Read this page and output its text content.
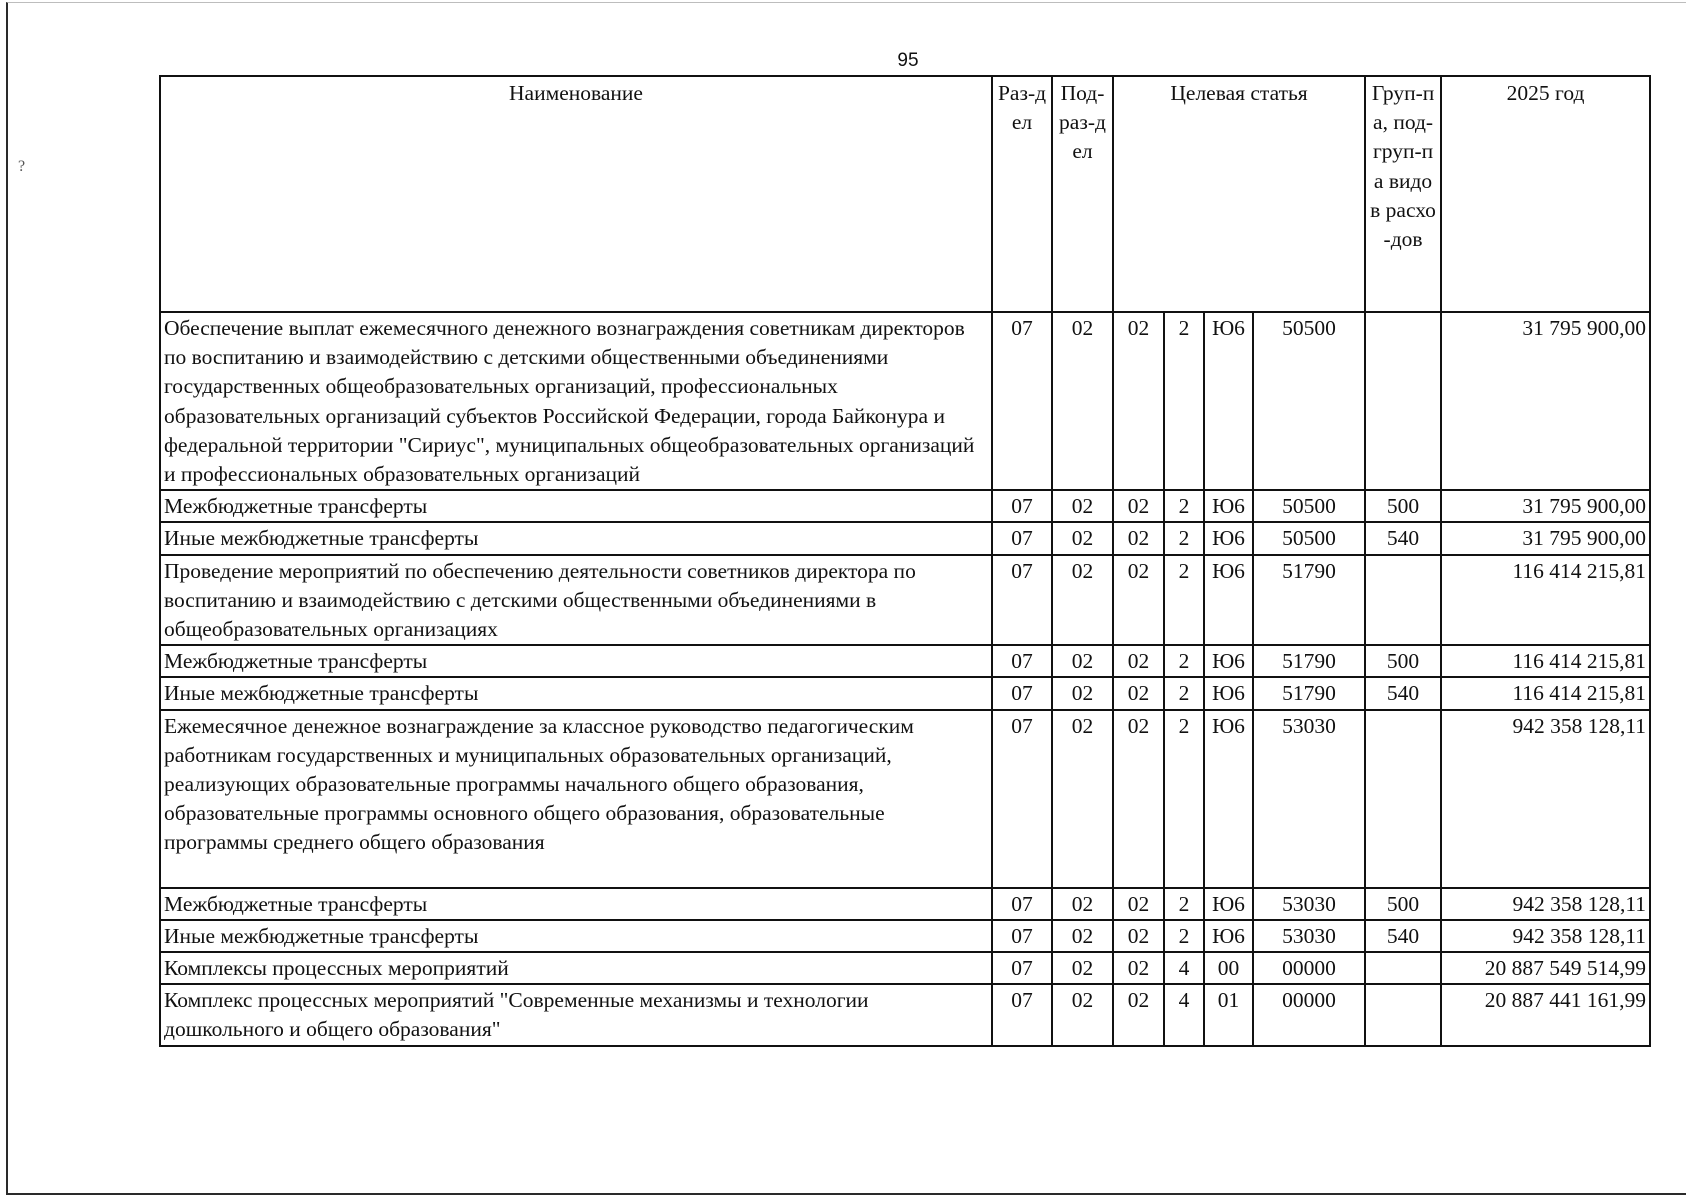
95
?
Наименование	Раз-дел	Под-раз-дел	Целевая статья				Груп-па, под-груп-па видов расхо-дов	2025 год
Обеспечение выплат ежемесячного денежного вознаграждения советникам директоров по воспитанию и взаимодействию с детскими общественными объединениями государственных общеобразовательных организаций, профессиональных образовательных организаций субъектов Российской Федерации, города Байконура и федеральной территории "Сириус", муниципальных общеобразовательных организаций и профессиональных образовательных организаций	07	02	02	2	Ю6	50500		31 795 900,00
Межбюджетные трансферты	07	02	02	2	Ю6	50500	500	31 795 900,00
Иные межбюджетные трансферты	07	02	02	2	Ю6	50500	540	31 795 900,00
Проведение мероприятий по обеспечению деятельности советников директора по воспитанию и взаимодействию с детскими общественными объединениями в общеобразовательных организациях	07	02	02	2	Ю6	51790		116 414 215,81
Межбюджетные трансферты	07	02	02	2	Ю6	51790	500	116 414 215,81
Иные межбюджетные трансферты	07	02	02	2	Ю6	51790	540	116 414 215,81
Ежемесячное денежное вознаграждение за классное руководство педагогическим работникам государственных и муниципальных образовательных организаций, реализующих образовательные программы начального общего образования, образовательные программы основного общего образования, образовательные программы среднего общего образования	07	02	02	2	Ю6	53030		942 358 128,11
Межбюджетные трансферты	07	02	02	2	Ю6	53030	500	942 358 128,11
Иные межбюджетные трансферты	07	02	02	2	Ю6	53030	540	942 358 128,11
Комплексы процессных мероприятий	07	02	02	4	00	00000		20 887 549 514,99
Комплекс процессных мероприятий "Современные механизмы и технологии дошкольного и общего образования"	07	02	02	4	01	00000		20 887 441 161,99
